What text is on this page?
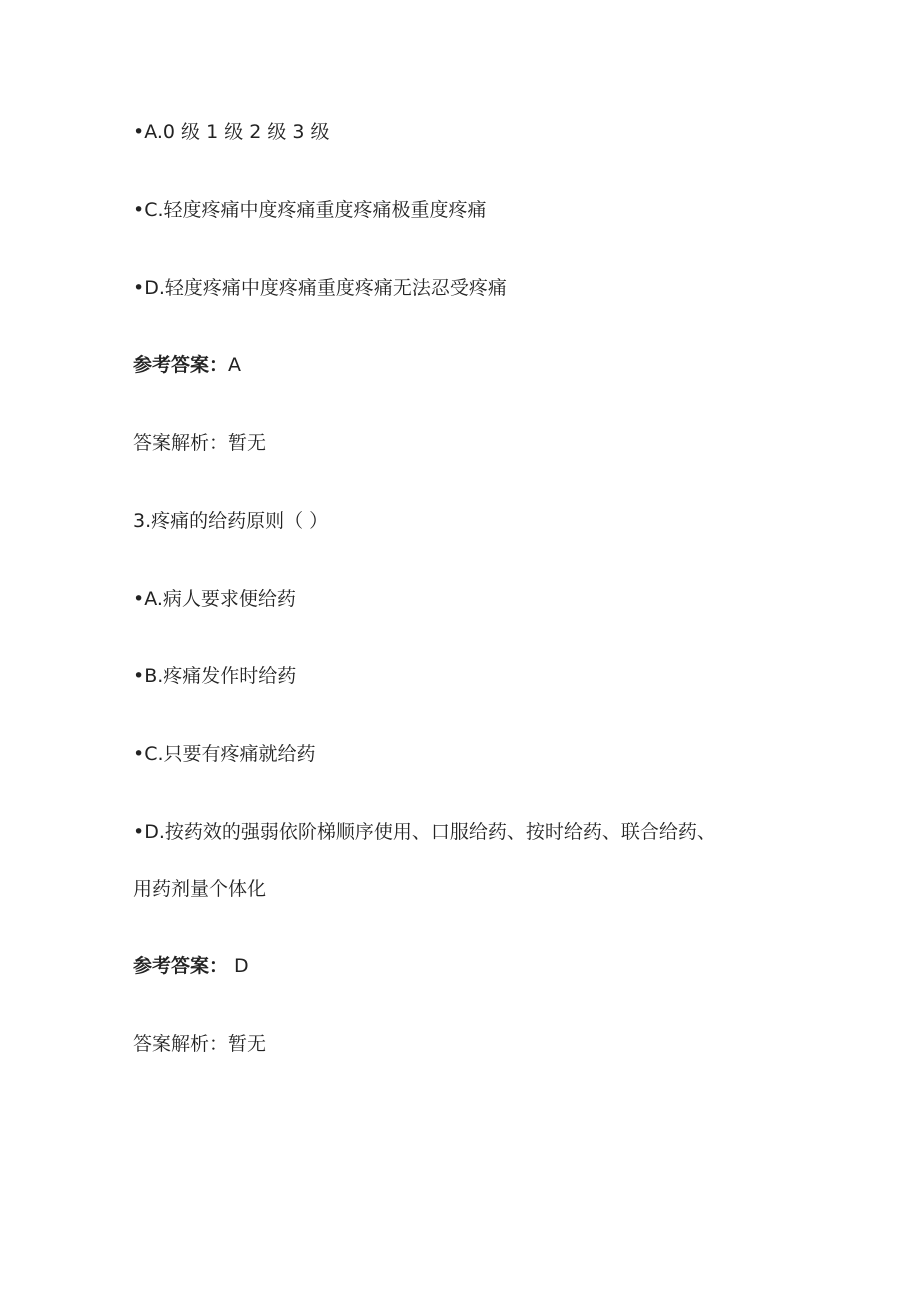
•A.0 级 1 级 2 级 3 级
•C.轻度疼痛中度疼痛重度疼痛极重度疼痛
•D.轻度疼痛中度疼痛重度疼痛无法忍受疼痛
参考答案：A
答案解析：暂无
3.疼痛的给药原则（ ）
•A.病人要求便给药
•B.疼痛发作时给药
•C.只要有疼痛就给药
•D.按药效的强弱依阶梯顺序使用、口服给药、按时给药、联合给药、
用药剂量个体化
参考答案： D
答案解析：暂无
